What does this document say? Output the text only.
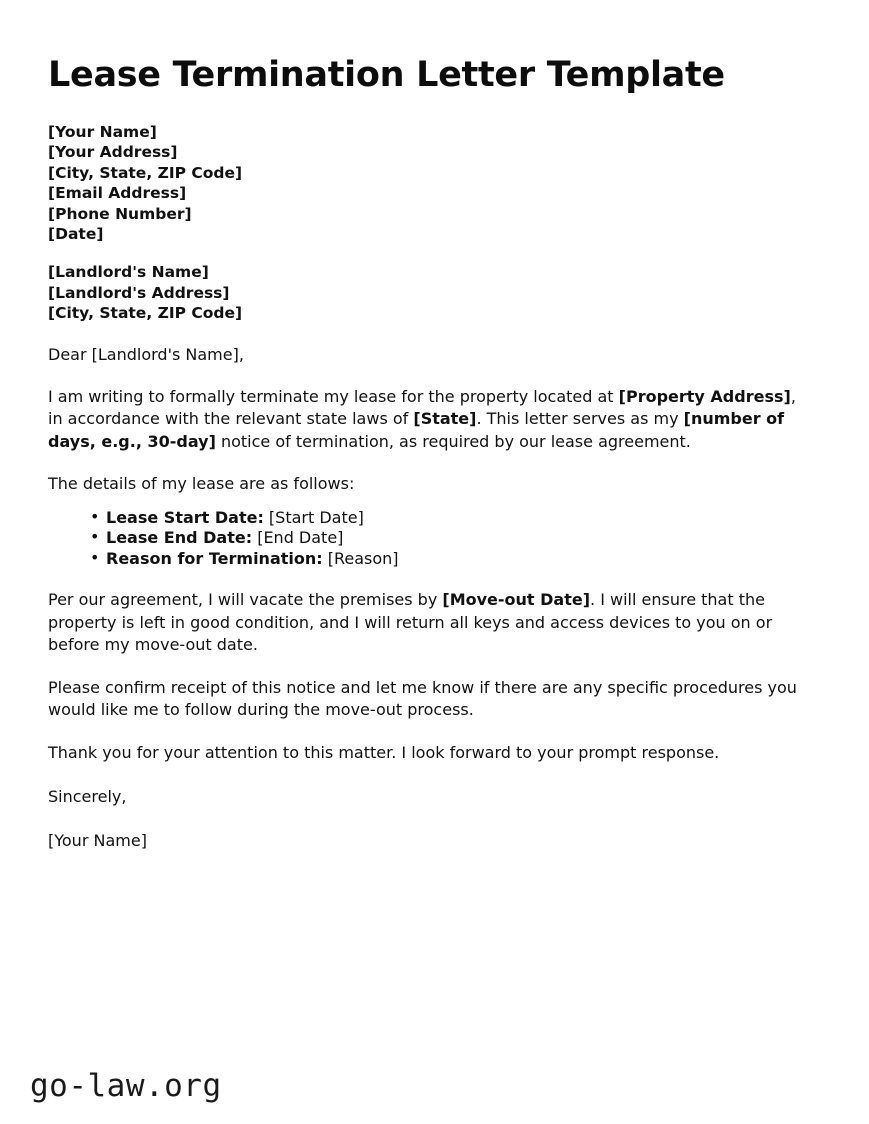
Lease Termination Letter Template
[Your Name]
[Your Address]
[City, State, ZIP Code]
[Email Address]
[Phone Number]
[Date]
[Landlord's Name]
[Landlord's Address]
[City, State, ZIP Code]

Dear [Landlord's Name],

I am writing to formally terminate my lease for the property located at [Property Address], in accordance with the relevant state laws of [State]. This letter serves as my [number of days, e.g., 30-day] notice of termination, as required by our lease agreement.

The details of my lease are as follows:

• Lease Start Date: [Start Date]
• Lease End Date: [End Date]
• Reason for Termination: [Reason]

Per our agreement, I will vacate the premises by [Move-out Date]. I will ensure that the property is left in good condition, and I will return all keys and access devices to you on or before my move-out date.

Please confirm receipt of this notice and let me know if there are any specific procedures you would like me to follow during the move-out process.

Thank you for your attention to this matter. I look forward to your prompt response.

Sincerely,

[Your Name]

go-law.org
